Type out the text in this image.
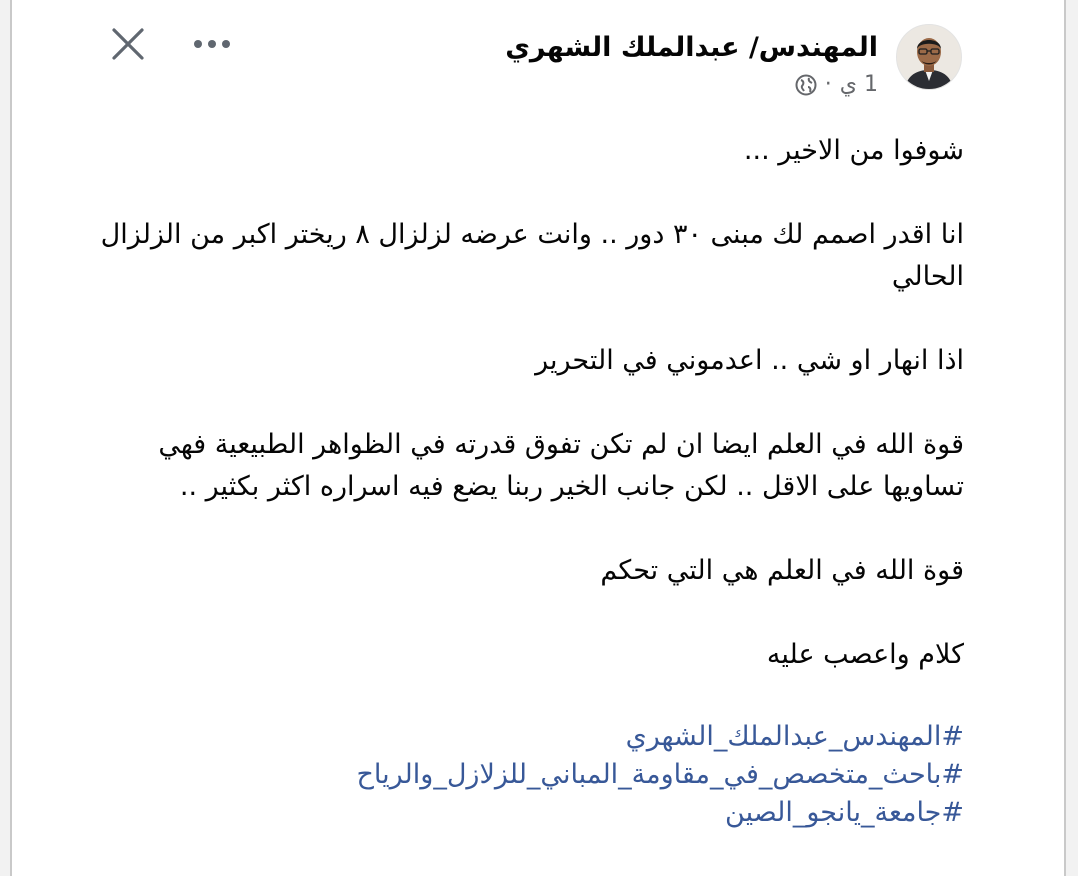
المهندس/ عبدالملك الشهري
1 ي
·

شوفوا من الاخير ...

انا اقدر اصمم لك مبنى ٣٠ دور .. وانت عرضه لزلزال ٨ ريختر اكبر من الزلزال الحالي

اذا انهار او شي .. اعدموني في التحرير

قوة الله في العلم ايضا ان لم تكن تفوق قدرته في الظواهر الطبيعية فهي تساويها على الاقل .. لكن جانب الخير ربنا يضع فيه اسراره اكثر بكثير ..

قوة الله في العلم هي التي تحكم

كلام واعصب عليه

#المهندس_عبدالملك_الشهري
#باحث_متخصص_في_مقاومة_المباني_للزلازل_والرياح
#جامعة_يانجو_الصين
